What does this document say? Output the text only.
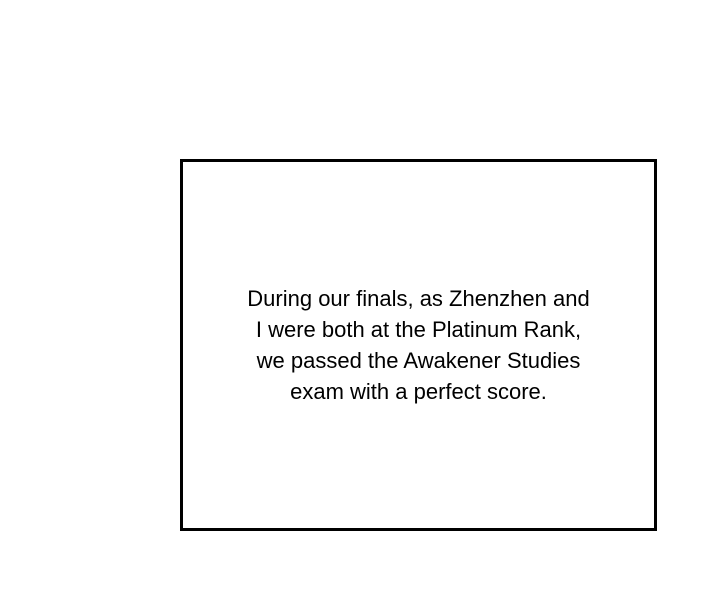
During our finals, as Zhenzhen and
I were both at the Platinum Rank,
we passed the Awakener Studies
exam with a perfect score.
